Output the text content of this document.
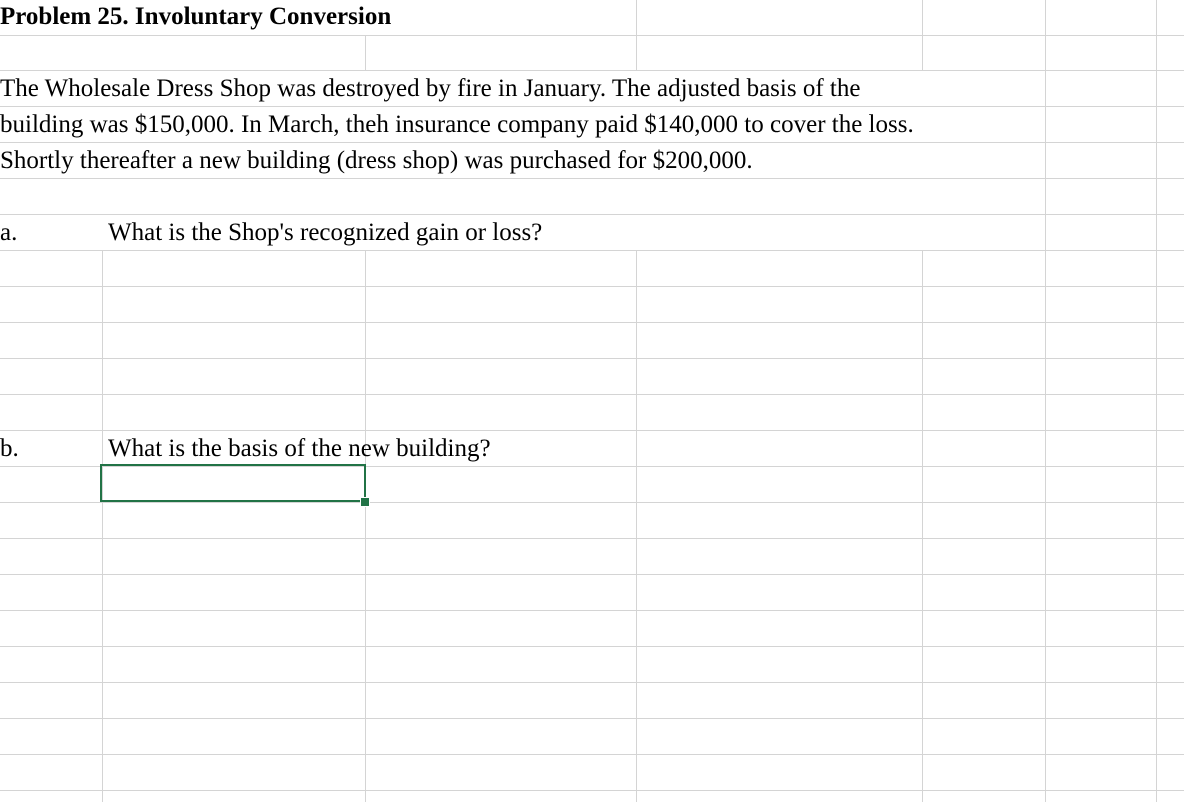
Problem 25. Involuntary Conversion
The Wholesale Dress Shop was destroyed by fire in January. The adjusted basis of the
building was $150,000. In March, theh insurance company paid $140,000 to cover the loss.
Shortly thereafter a new building (dress shop) was purchased for $200,000.
a.	What is the Shop's recognized gain or loss?
b.	What is the basis of the new building?
